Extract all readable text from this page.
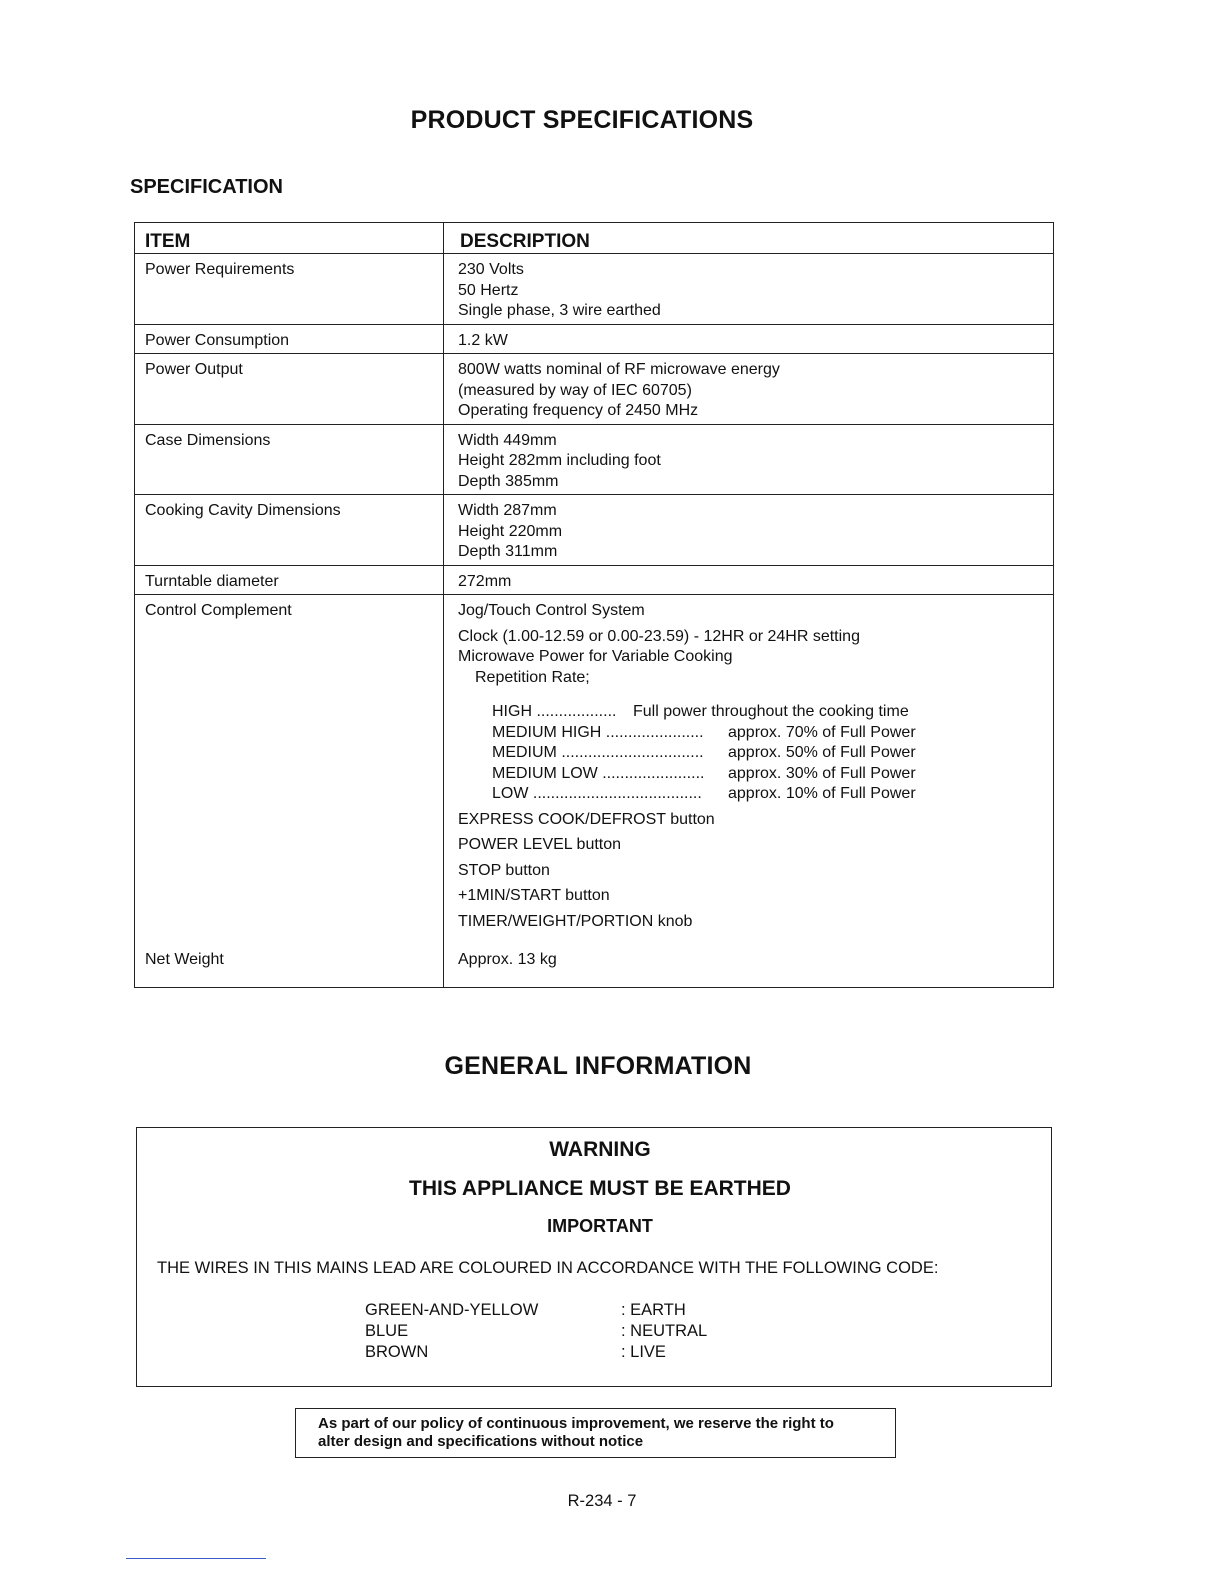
PRODUCT SPECIFICATIONS
SPECIFICATION
ITEM	DESCRIPTION
Power Requirements	230 Volts
50 Hertz
Single phase, 3 wire earthed

Power Consumption	1.2 kW

Power Output	800W watts nominal of RF microwave energy
(measured by way of IEC 60705)
Operating frequency of 2450 MHz

Case Dimensions	Width 449mm
Height 282mm including foot
Depth 385mm

Cooking Cavity Dimensions	Width 287mm
Height 220mm
Depth 311mm

Turntable diameter	272mm

Control Complement	Jog/Touch Control System
Clock (1.00-12.59 or 0.00-23.59) - 12HR or 24HR setting
Microwave Power for Variable Cooking
Repetition Rate;
HIGH ..................	Full power throughout the cooking time
MEDIUM HIGH ......................	approx. 70% of Full Power
MEDIUM ................................	approx. 50% of Full Power
MEDIUM LOW .......................	approx. 30% of Full Power
LOW ......................................	approx. 10% of Full Power
EXPRESS COOK/DEFROST button
POWER LEVEL button
STOP button
+1MIN/START button
TIMER/WEIGHT/PORTION knob

Net Weight	Approx. 13 kg
GENERAL INFORMATION
WARNING
THIS APPLIANCE MUST BE EARTHED
IMPORTANT
THE WIRES IN THIS MAINS LEAD ARE COLOURED IN ACCORDANCE WITH THE FOLLOWING CODE:
GREEN-AND-YELLOW	: EARTH
BLUE	: NEUTRAL
BROWN	: LIVE
As part of our policy of continuous improvement, we reserve the right to
alter design and specifications without notice
R-234 - 7
